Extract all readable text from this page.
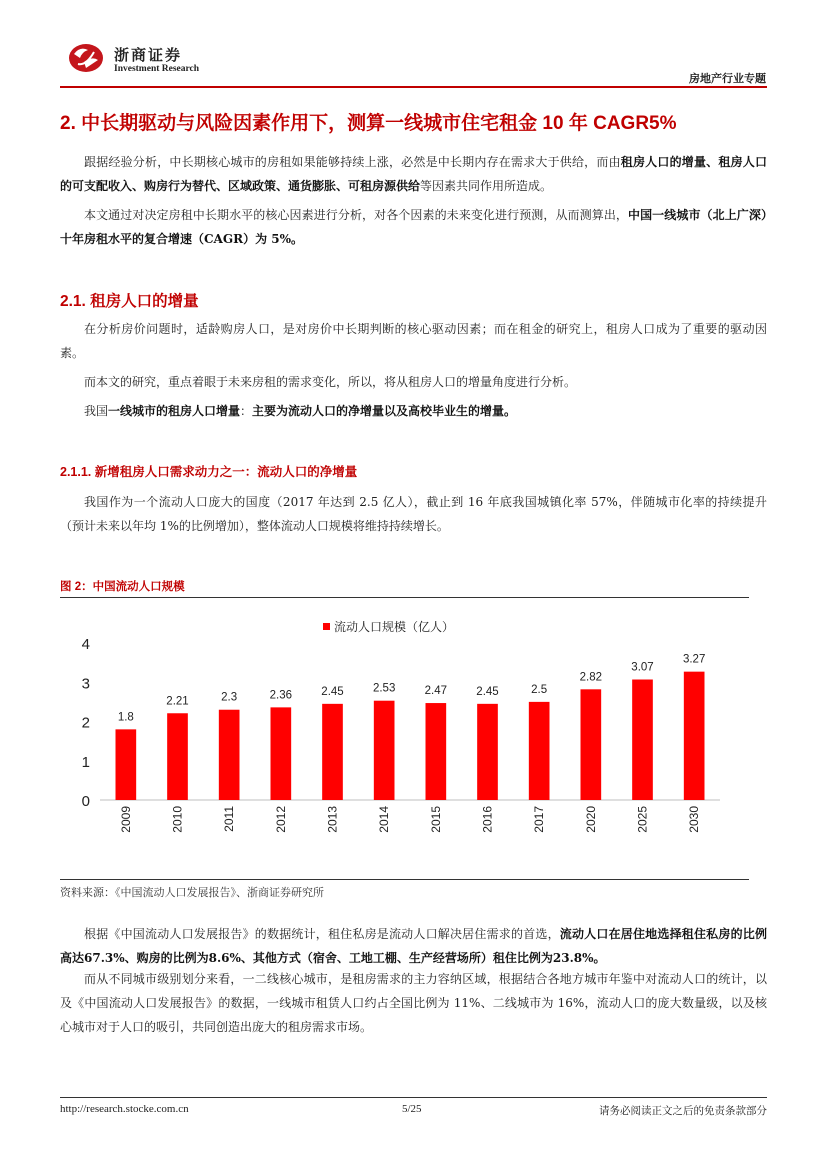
浙商证券
Investment Research
房地产行业专题
2. 中长期驱动与风险因素作用下，测算一线城市住宅租金 10 年 CAGR5%
跟据经验分析，中长期核心城市的房租如果能够持续上涨，必然是中长期内存在需求大于供给，而由租房人口的增量、租房人口的可支配收入、购房行为替代、区域政策、通货膨胀、可租房源供给等因素共同作用所造成。
本文通过对决定房租中长期水平的核心因素进行分析，对各个因素的未来变化进行预测，从而测算出，中国一线城市（北上广深）十年房租水平的复合增速（CAGR）为 5%。
2.1. 租房人口的增量
在分析房价问题时，适龄购房人口，是对房价中长期判断的核心驱动因素；而在租金的研究上，租房人口成为了重要的驱动因素。
而本文的研究，重点着眼于未来房租的需求变化，所以，将从租房人口的增量角度进行分析。
我国一线城市的租房人口增量：主要为流动人口的净增量以及高校毕业生的增量。
2.1.1. 新增租房人口需求动力之一：流动人口的净增量
我国作为一个流动人口庞大的国度（2017 年达到 2.5 亿人），截止到 16 年底我国城镇化率 57%，伴随城市化率的持续提升（预计未来以年均 1%的比例增加），整体流动人口规模将维持持续增长。
图 2：中国流动人口规模
0
1
2
3
4
流动人口规模（亿人）
1.8
2009
2.21
2010
2.3
2011
2.36
2012
2.45
2013
2.53
2014
2.47
2015
2.45
2016
2.5
2017
2.82
2020
3.07
2025
3.27
2030
资料来源：《中国流动人口发展报告》、浙商证券研究所
根据《中国流动人口发展报告》的数据统计，租住私房是流动人口解决居住需求的首选，流动人口在居住地选择租住私房的比例高达67.3%、购房的比例为8.6%、其他方式（宿舍、工地工棚、生产经营场所）租住比例为23.8%。
而从不同城市级别划分来看，一二线核心城市，是租房需求的主力容纳区域，根据结合各地方城市年鉴中对流动人口的统计，以及《中国流动人口发展报告》的数据，一线城市租赁人口约占全国比例为 11%、二线城市为 16%，流动人口的庞大数量级，以及核心城市对于人口的吸引，共同创造出庞大的租房需求市场。
http://research.stocke.com.cn	5/25	请务必阅读正文之后的免责条款部分
